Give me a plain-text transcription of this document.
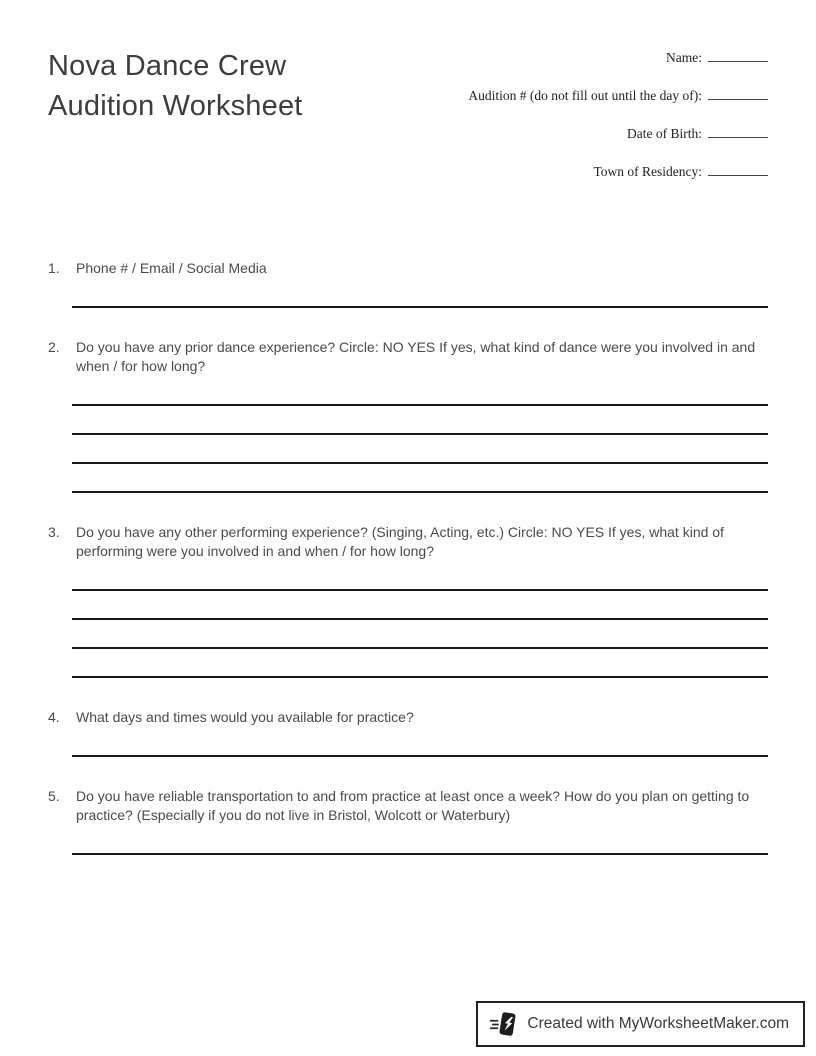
Nova Dance Crew
Audition Worksheet
Name:
Audition # (do not fill out until the day of):
Date of Birth:
Town of Residency:
1.	Phone # / Email / Social Media
2.	Do you have any prior dance experience? Circle: NO YES If yes, what kind of dance were you involved in and when / for how long?
3.	Do you have any other performing experience? (Singing, Acting, etc.) Circle: NO YES If yes, what kind of performing were you involved in and when / for how long?
4.	What days and times would you available for practice?
5.	Do you have reliable transportation to and from practice at least once a week? How do you plan on getting to practice? (Especially if you do not live in Bristol, Wolcott or Waterbury)
Created with MyWorksheetMaker.com
